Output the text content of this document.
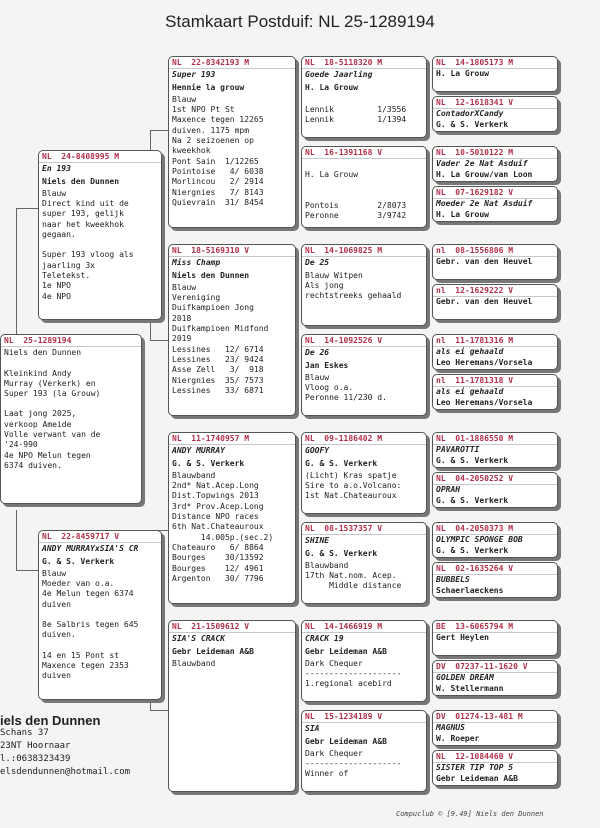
Stamkaart Postduif: NL 25-1289194
NL  25-1289194
Niels den Dunnen
Kleinkind Andy
Murray (Verkerk) en
Super 193 (la Grouw)
Laat jong 2025,
verkoop Ameide
Volle verwant van de
'24-990
4e NPO Melun tegen
6374 duiven.
NL  24-8408995 M
En 193
Niels den Dunnen
Blauw
Direct kind uit de
super 193, gelijk
naar het kweekhok
gegaan.
Super 193 vloog als
jaarling 3x
Teletekst.
1e NPO
4e NPO
NL  22-8459717 V
ANDY MURRAYxSIA'S CR
G. & S. Verkerk
Blauw
Moeder van o.a.
4e Melun tegen 6374
duiven
8e Salbris tegen 645
duiven.
14 en 15 Pont st
Maxence tegen 2353
duiven
NL  22-8342193 M
Super 193
Hennie la grouw
Blauw
1st NPO Pt St
Maxence tegen 12265
duiven. 1175 mpm
Na 2 seizoenen op
kweekhok
Pont Sain  1/12265
Pointoise   4/ 6038
Morlincou   2/ 2914
Niergnies   7/ 8143
Quievrain  31/ 8454
NL  18-5169310 V
Miss Champ
Niels den Dunnen
Blauw
Vereniging
Duifkampioen Jong
2018
Duifkampioen Midfond
2019
Lessines   12/ 6714
Lessines   23/ 9424
Asse Zell   3/  918
Niergnies  35/ 7573
Lessines   33/ 6871
NL  11-1740957 M
ANDY MURRAY
G. & S. Verkerk
Blauwband
2nd* Nat.Acep.Long
Dist.Topwings 2013
3rd* Prov.Acep.Long
Distance NPO races
6th Nat.Chateauroux
14.005p.(sec.2)
Chateauro   6/ 8864
Bourges    30/13592
Bourges    12/ 4961
Argenton   30/ 7796
NL  21-1509612 V
SIA'S CRACK
Gebr Leideman A&B
Blauwband
NL  18-5118320 M
Goede Jaarling
H. La Grouw
Lennik         1/3556
Lennik         1/1394
NL  16-1391168 V
H. La Grouw
Pontois        2/8073
Peronne        3/9742
NL  14-1069825 M
De 25
Blauw Witpen
Als jong
rechtstreeks gehaald
NL  14-1092526 V
De 26
Jan Eskes
Blauw
Vloog o.a.
Peronne 11/230 d.
NL  09-1186402 M
GOOFY
G. & S. Verkerk
(Licht) Kras spatje
Sire to a.o.Volcano:
1st Nat.Chateauroux
NL  08-1537357 V
SHINE
G. & S. Verkerk
Blauwband
17th Nat.nom. Acep.
Middle distance
NL  14-1466919 M
CRACK 19
Gebr Leideman A&B
Dark Chequer
--------------------
1.regional acebird
NL  15-1234189 V
SIA
Gebr Leideman A&B
Dark Chequer
--------------------
Winner of
NL  14-1805173 M
H. La Grouw
NL  12-1618341 V
ContadorXCandy
G. & S. Verkerk
NL  10-5010122 M
Vader 2e Nat Asduif
H. La Grouw/van Loon
NL  07-1629182 V
Moeder 2e Nat Asduif
H. La Grouw
nl  08-1556806 M
Gebr. van den Heuvel
nl  12-1629222 V
Gebr. van den Heuvel
nl  11-1781316 M
als ei gehaald
Leo Heremans/Vorsela
nl  11-1781318 V
als ei gehaald
Leo Heremans/Vorsela
NL  01-1886550 M
PAVAROTTI
G. & S. Verkerk
NL  04-2050252 V
OPRAH
G. & S. Verkerk
NL  04-2050373 M
OLYMPIC SPONGE BOB
G. & S. Verkerk
NL  02-1635264 V
BUBBELS
Schaerlaeckens
BE  13-6065794 M
Gert Heylen
DV  07237-11-1620 V
GOLDEN DREAM
W. Stellermann
DV  01274-13-481 M
MAGNUS
W. Roeper
NL  12-1084460 V
SISTER TIP TOP 5
Gebr Leideman A&B
iels den Dunnen
Schans 37
23NT Hoornaar
l.:0638323439
elsdendunnen@hotmail.com
Compuclub © [9.49] Niels den Dunnen
